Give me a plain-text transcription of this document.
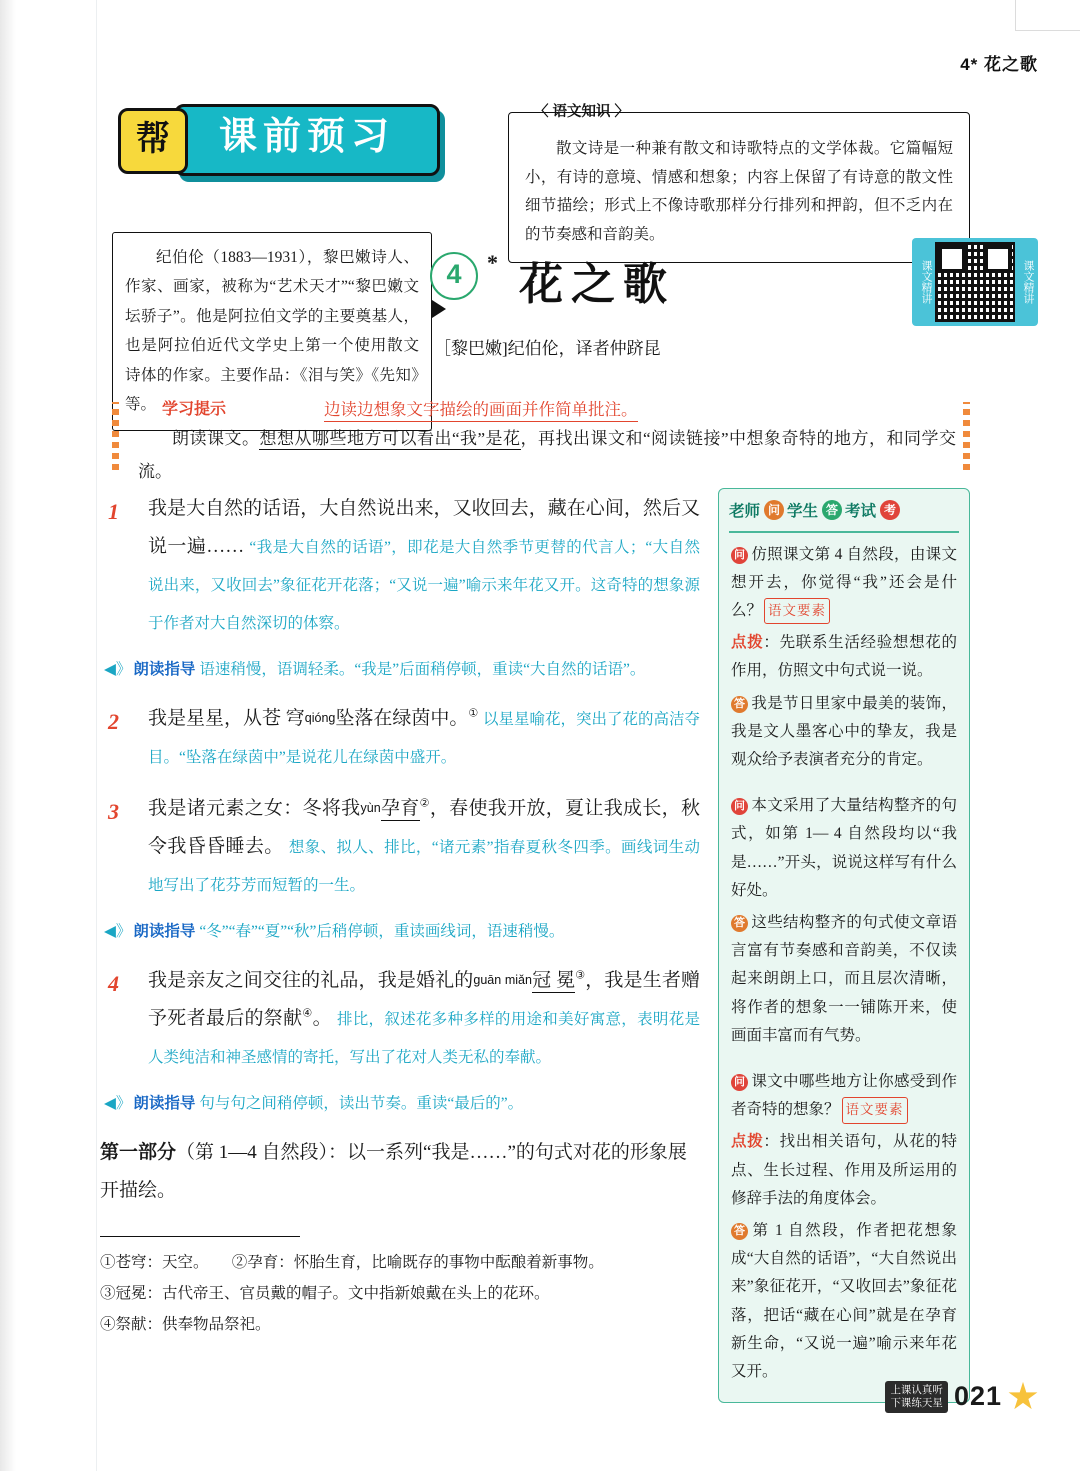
4* 花之歌
课前预习
帮
〈 语文知识 〉

散文诗是一种兼有散文和诗歌特点的文学体裁。它篇幅短小，有诗的意境、情感和想象；内容上保留了有诗意的散文性细节描绘；形式上不像诗歌那样分行排列和押韵，但不乏内在的节奏感和音韵美。

纪伯伦（1883—1931），黎巴嫩诗人、作家、画家，被称为“艺术天才”“黎巴嫩文坛骄子”。他是阿拉伯文学的主要奠基人，也是阿拉伯近代文学史上第一个使用散文诗体的作家。主要作品：《泪与笑》《先知》等。

4	* 花之歌
［黎巴嫩]纪伯伦，译者仲跻昆
课文精讲	课文精讲
学习提示	边读边想象文字描绘的画面并作简单批注。
朗读课文。想想从哪些地方可以看出“我”是花，再找出课文和“阅读链接”中想象奇特的地方，和同学交流。
1	我是大自然的话语，大自然说出来，又收回去，藏在心间，然后又说一遍…… “我是大自然的话语”，即花是大自然季节更替的代言人；“大自然说出来，又收回去”象征花开花落；“又说一遍”喻示来年花又开。这奇特的想象源于作者对大自然深切的体察。
◀》 朗读指导 语速稍慢，语调轻柔。“我是”后面稍停顿，重读“大自然的话语”。
2	我是星星，从苍 穹qióng坠落在绿茵中。① 以星星喻花，突出了花的高洁夺目。“坠落在绿茵中”是说花儿在绿茵中盛开。
3	我是诸元素之女：冬将我yùn孕育②，春使我开放，夏让我成长，秋令我昏昏睡去。 想象、拟人、排比，“诸元素”指春夏秋冬四季。画线词生动地写出了花芬芳而短暂的一生。
◀》 朗读指导 “冬”“春”“夏”“秋”后稍停顿，重读画线词，语速稍慢。
4	我是亲友之间交往的礼品，我是婚礼的guān miǎn冠 冕③，我是生者赠予死者最后的祭献④。 排比，叙述花多种多样的用途和美好寓意，表明花是人类纯洁和神圣感情的寄托，写出了花对人类无私的奉献。
◀》 朗读指导 句与句之间稍停顿，读出节奏。重读“最后的”。
第一部分（第 1—4 自然段）：以一系列“我是……”的句式对花的形象展开描绘。
①苍穹：天空。　　②孕育：怀胎生育，比喻既存的事物中酝酿着新事物。
③冠冕：古代帝王、官员戴的帽子。文中指新娘戴在头上的花环。
④祭献：供奉物品祭祀。
老师 问 学生 答 考试 考

问 仿照课文第 4 自然段，由课文想开去，你觉得“我”还会是什么？ 语文要素

点拨：先联系生活经验想想花的作用，仿照文中句式说一说。

答 我是节日里家中最美的装饰，我是文人墨客心中的挚友，我是观众给予表演者充分的肯定。

问 本文采用了大量结构整齐的句式，如第 1— 4 自然段均以“我是……”开头，说说这样写有什么好处。

答 这些结构整齐的句式使文章语言富有节奏感和音韵美，不仅读起来朗朗上口，而且层次清晰，将作者的想象一一铺陈开来，使画面丰富而有气势。

问 课文中哪些地方让你感受到作者奇特的想象？ 语文要素

点拨：找出相关语句，从花的特点、生长过程、作用及所运用的修辞手法的角度体会。

答 第 1 自然段，作者把花想象成“大自然的话语”，“大自然说出来”象征花开，“又收回去”象征花落，把话“藏在心间”就是在孕育新生命，“又说一遍”喻示来年花又开。

上课认真听
下课练天星 021
